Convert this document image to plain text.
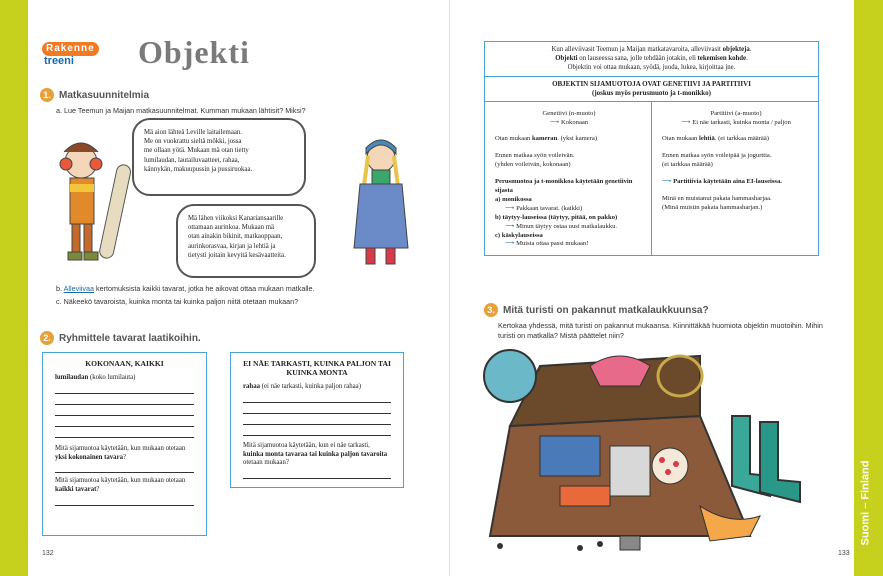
Rakenne
treeni Objekti
1. Matkasuunnitelmia
a. Lue Teemun ja Maijan matkasuunnitelmat. Kumman mukaan lähtisit? Miksi?

Mä aion lähteä Leville laitailemaan.
Me on vuokrattu sieltä mökki, jossa
me ollaan yötä. Mukaan mä otan tietty
lumilaudan, lautailuvaatteet, rahaa,
kännykän, makuupussin ja pussiruokaa.

Mä lähen viikoksi Kanariansaarille
ottamaan aurinkoa. Mukaan mä
otan ainakin bikinit, matkaoppaan,
aurinkorasvaa, kirjan ja lehtiä ja
tietysti joitain kevyitä kesävaatteita.

b. Alleviivaa kertomuksista kaikki tavarat, jotka he aikovat ottaa mukaan matkalle.
c. Näkeekö tavaroista, kuinka monta tai kuinka paljon niitä otetaan mukaan?
2. Ryhmittele tavarat laatikoihin.
KOKONAAN, KAIKKI
lumilaudan (koko lumilauta)
Mitä sijamuotoa käytetään, kun mukaan otetaan yksi kokonainen tavara?
Mitä sijamuotoa käytetään, kun mukaan otetaan kaikki tavarat?
EI NÄE TARKASTI, KUINKA PALJON TAI KUINKA MONTA
rahaa (ei näe tarkasti, kuinka paljon rahaa)
Mitä sijamuotoa käytetään, kun ei näe tarkasti, kuinka monta tavaraa tai kuinka paljon tavaroita otetaan mukaan?
132
Kun alleviivasit Teemun ja Maijan matkatavaroita, alleviivasit objekteja.
Objekti on lauseessa sana, jolle tehdään jotakin, eli tekemisen kohde.
Objektin voi ottaa mukaan, syödä, juoda, lukea, kirjoittaa jne.
OBJEKTIN SIJAMUOTOJA OVAT GENETIIVI JA PARTITIIVI
(joskus myös perusmuoto ja t-monikko)
Genetiivi (n-muoto)
⟶ Kokonaan

Otan mukaan kameran. (yksi kamera)

Ennen matkaa syön voileivän.
(yhden voileivän, kokonaan)

Perusmuotoa ja t-monikkoa käytetään genetiivin sijasta
a) monikossa
⟶ Pakkaan tavarat. (kaikki)
b) täytyy-lauseissa (täytyy, pitää, on pakko)
⟶ Minun täytyy ostaa uusi matkalaukku.
c) käskylauseissa
⟶ Muista ottaa passi mukaan!
Partitiivi (a-muoto)
⟶ Ei näe tarkasti, kuinka monta / paljon

Otan mukaan lehtiä. (ei tarkkaa määrää)

Ennen matkaa syön voileipää ja jogurttia.
(ei tarkkaa määrää)

⟶ Partitiivia käytetään aina EI-lauseissa.

Minä en muistanut pakata hammasharjaa.
(Minä muistin pakata hammasharjan.)

3. Mitä turisti on pakannut matkalaukkuunsa?
Kertokaa yhdessä, mitä turisti on pakannut mukaansa. Kiinnittäkää huomiota objektin muotoihin. Mihin turisti on matkalla? Mistä päättelet niin?
133
Suomi – Finland
